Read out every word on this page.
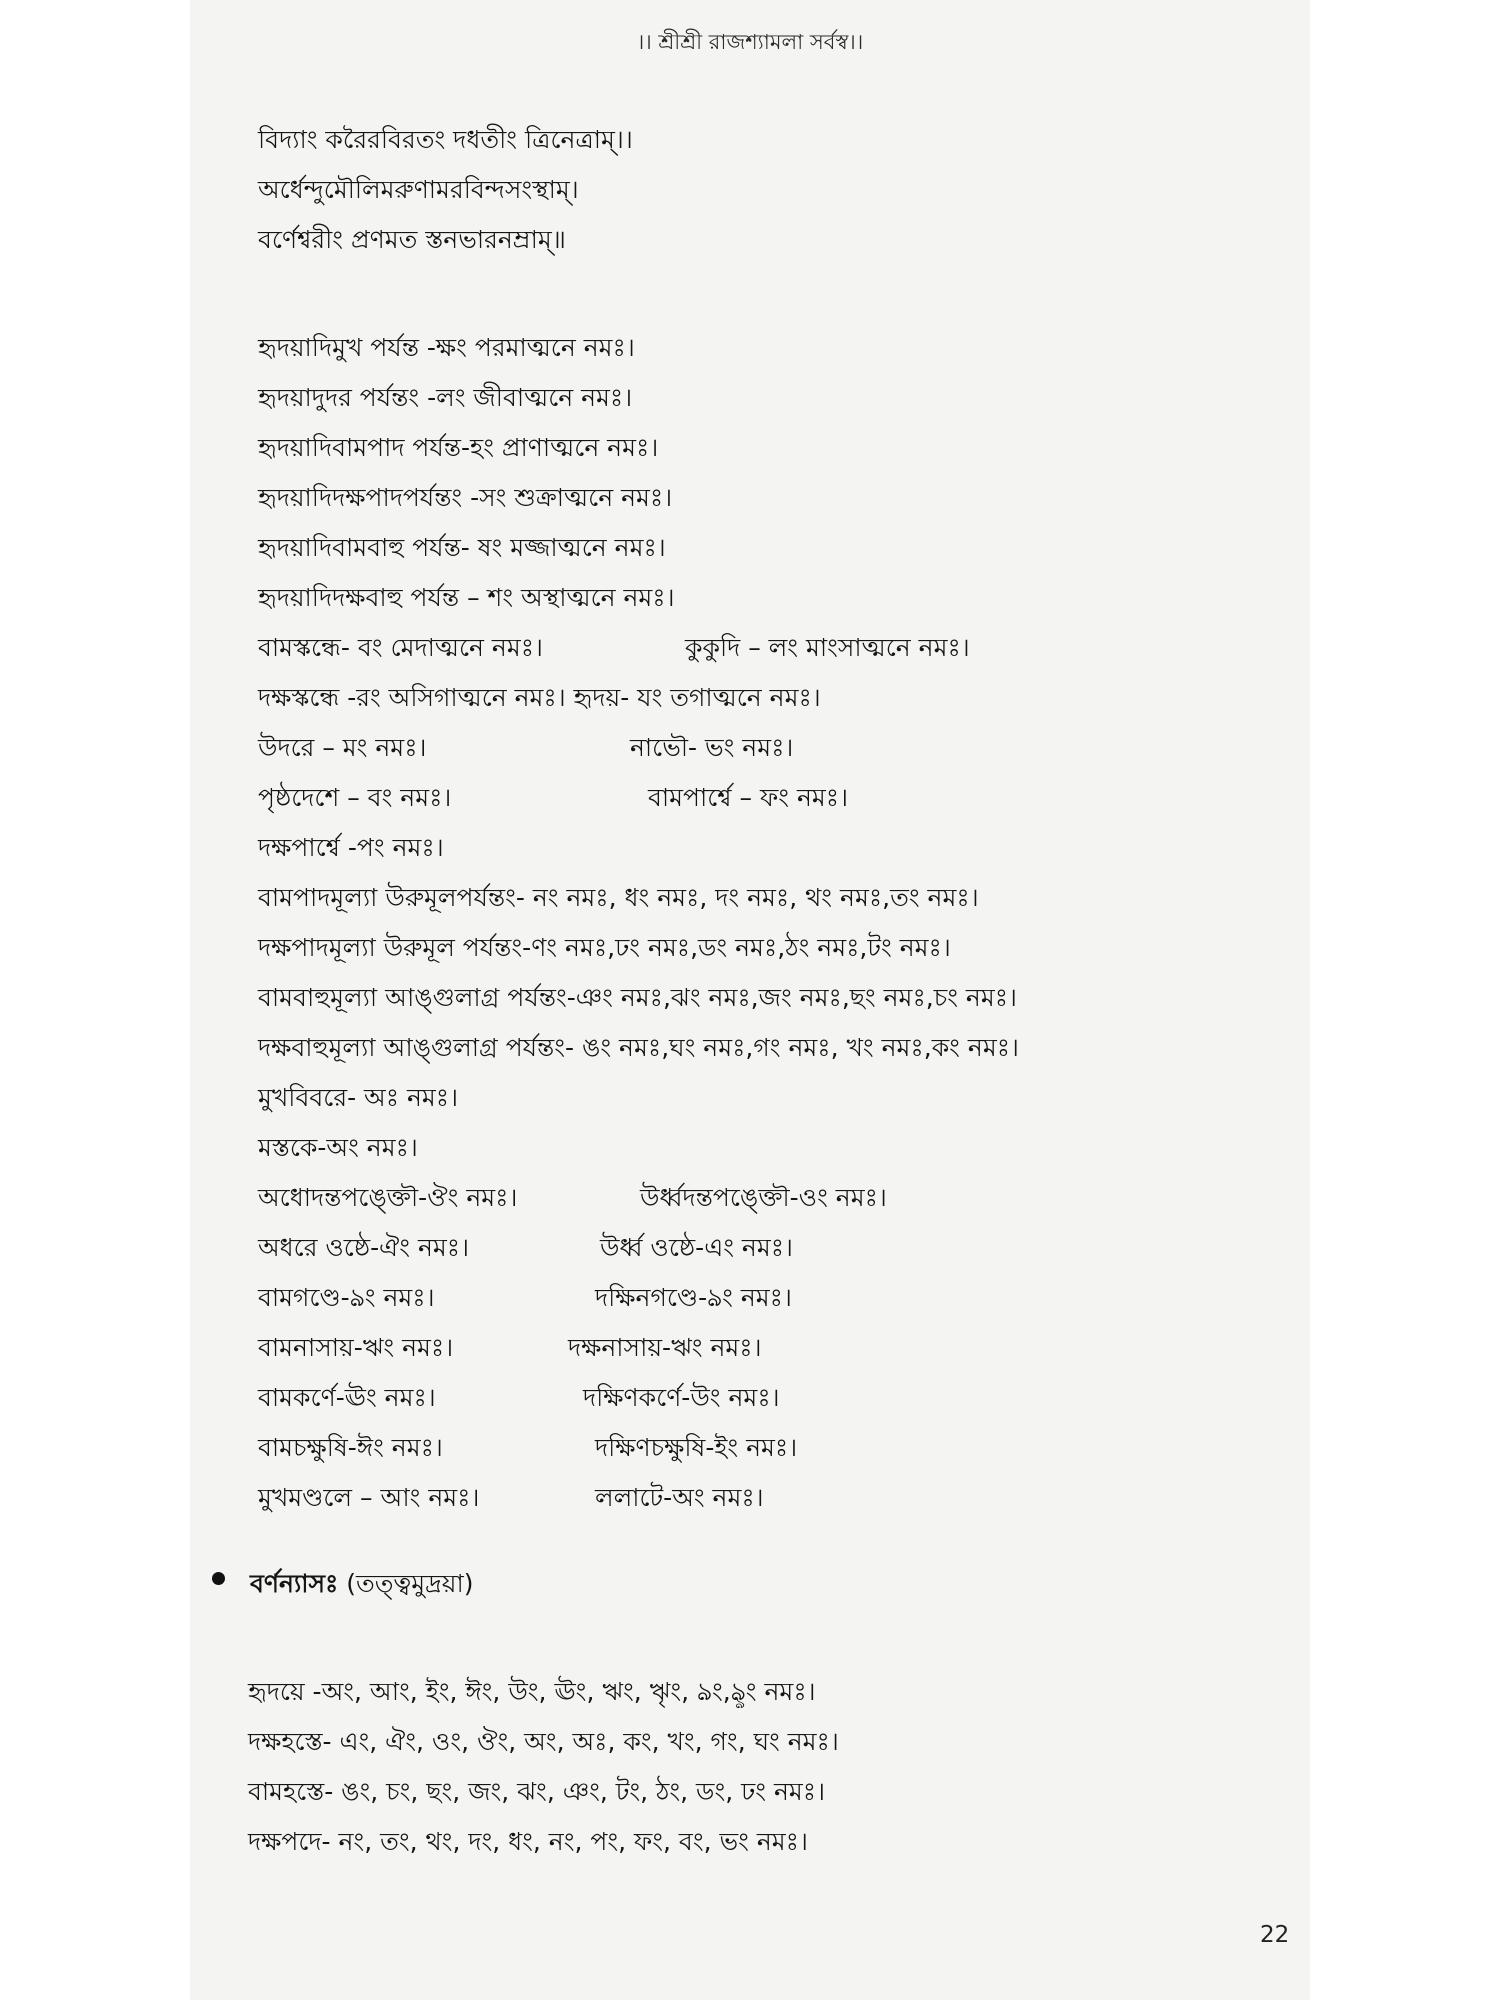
।। শ্রীশ্রী রাজশ্যামলা সর্বস্ব।।
বিদ্যাং করৈরবিরতং দধতীং ত্রিনেত্রাম্।।
অর্ধেন্দুমৌলিমরুণামরবিন্দসংস্থাম্।
বর্ণেশ্বরীং প্রণমত স্তনভারনম্রাম্॥
হৃদয়াদিমুখ পর্যন্ত -ক্ষং পরমাত্মনে নমঃ।
হৃদয়াদুদর পর্যন্তং -লং জীবাত্মনে নমঃ।
হৃদয়াদিবামপাদ পর্যন্ত-হং প্রাণাত্মনে নমঃ।
হৃদয়াদিদক্ষপাদপর্যন্তং -সং শুক্রাত্মনে নমঃ।
হৃদয়াদিবামবাহু পর্যন্ত- ষং মজ্জাত্মনে নমঃ।
হৃদয়াদিদক্ষবাহু পর্যন্ত – শং অস্থাত্মনে নমঃ।
বামস্কন্ধে- বং মেদাত্মনে নমঃ।	কুকুদি – লং মাংসাত্মনে নমঃ।
দক্ষস্কন্ধে -রং অসিগাত্মনে নমঃ। হৃদয়- যং তগাত্মনে নমঃ।
উদরে – মং নমঃ।	নাভৌ- ভং নমঃ।
পৃষ্ঠদেশে – বং নমঃ।	বামপার্শ্বে – ফং নমঃ।
দক্ষপার্শ্বে -পং নমঃ।
বামপাদমূল্যা উরুমূলপর্যন্তং- নং নমঃ, ধং নমঃ, দং নমঃ, থং নমঃ,তং নমঃ।
দক্ষপাদমূল্যা উরুমূল পর্যন্তং-ণং নমঃ,ঢং নমঃ,ডং নমঃ,ঠং নমঃ,টং নমঃ।
বামবাহুমূল্যা আঙ্গুলাগ্র পর্যন্তং-ঞং নমঃ,ঝং নমঃ,জং নমঃ,ছং নমঃ,চং নমঃ।
দক্ষবাহুমূল্যা আঙ্গুলাগ্র পর্যন্তং- ঙং নমঃ,ঘং নমঃ,গং নমঃ, খং নমঃ,কং নমঃ।
মুখবিবরে- অঃ নমঃ।
মস্তকে-অং নমঃ।
অধোদন্তপঙ্ক্তৌ-ঔং নমঃ।	উর্ধ্বদন্তপঙ্ক্তৌ-ওং নমঃ।
অধরে ওষ্ঠে-ঐং নমঃ।	উর্ধ্ব ওষ্ঠে-এং নমঃ।
বামগণ্ডে-ঌং নমঃ।	দক্ষিনগণ্ডে-ঌং নমঃ।
বামনাসায়-ঋং নমঃ।	দক্ষনাসায়-ঋং নমঃ।
বামকর্ণে-ঊং নমঃ।	দক্ষিণকর্ণে-উং নমঃ।
বামচক্ষুষি-ঈং নমঃ।	দক্ষিণচক্ষুষি-ইং নমঃ।
মুখমণ্ডলে – আং নমঃ।	ললাটে-অং নমঃ।
বর্ণন্যাসঃ (তত্ত্বমুদ্রয়া)
হৃদয়ে -অং, আং, ইং, ঈং, উং, ঊং, ঋং, ৠং, ঌং,ৡং নমঃ।
দক্ষহস্তে- এং, ঐং, ওং, ঔং, অং, অঃ, কং, খং, গং, ঘং নমঃ।
বামহস্তে- ঙং, চং, ছং, জং, ঝং, ঞং, টং, ঠং, ডং, ঢং নমঃ।
দক্ষপদে- নং, তং, থং, দং, ধং, নং, পং, ফং, বং, ভং নমঃ।
22
